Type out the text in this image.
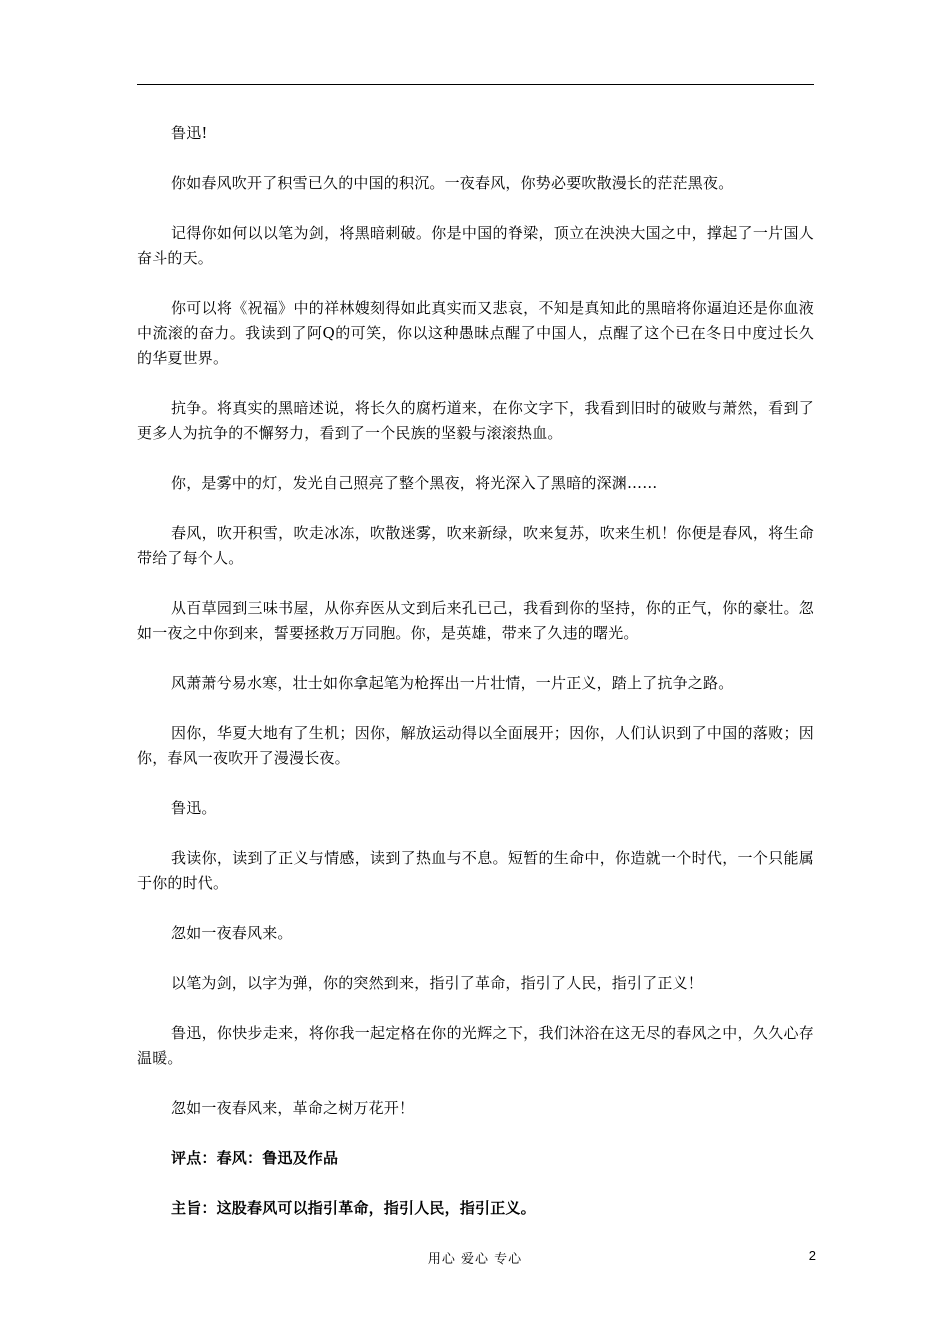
鲁迅!

你如春风吹开了积雪已久的中国的积沉。一夜春风，你势必要吹散漫长的茫茫黑夜。

记得你如何以以笔为剑，将黑暗刺破。你是中国的脊梁，顶立在泱泱大国之中，撑起了一片国人奋斗的天。

你可以将《祝福》中的祥林嫂刻得如此真实而又悲哀，不知是真知此的黑暗将你逼迫还是你血液中流滚的奋力。我读到了阿Q的可笑，你以这种愚昧点醒了中国人，点醒了这个已在冬日中度过长久的华夏世界。

抗争。将真实的黑暗述说，将长久的腐朽道来，在你文字下，我看到旧时的破败与萧然，看到了更多人为抗争的不懈努力，看到了一个民族的坚毅与滚滚热血。

你，是雾中的灯，发光自己照亮了整个黑夜，将光深入了黑暗的深渊……

春风，吹开积雪，吹走冰冻，吹散迷雾，吹来新绿，吹来复苏，吹来生机！你便是春风，将生命带给了每个人。

从百草园到三味书屋，从你弃医从文到后来孔已己，我看到你的坚持，你的正气，你的豪壮。忽如一夜之中你到来，誓要拯救万万同胞。你，是英雄，带来了久违的曙光。

风萧萧兮易水寒，壮士如你拿起笔为枪挥出一片壮情，一片正义，踏上了抗争之路。

因你，华夏大地有了生机；因你，解放运动得以全面展开；因你，人们认识到了中国的落败；因你，春风一夜吹开了漫漫长夜。

鲁迅。

我读你，读到了正义与情感，读到了热血与不息。短暂的生命中，你造就一个时代，一个只能属于你的时代。

忽如一夜春风来。

以笔为剑，以字为弹，你的突然到来，指引了革命，指引了人民，指引了正义！

鲁迅，你快步走来，将你我一起定格在你的光辉之下，我们沐浴在这无尽的春风之中，久久心存温暖。

忽如一夜春风来，革命之树万花开！

评点：春风：鲁迅及作品

主旨：这股春风可以指引革命，指引人民，指引正义。

用心 爱心 专心	2
